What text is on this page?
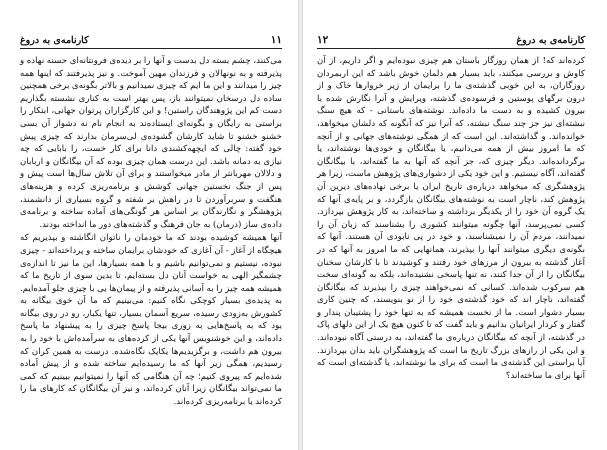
۱۱
کارنامه‌ی به دروغ

می‌کنند، چشم بسته دل بدست و آنها را بر دیده‌ی فرونتانه‌ای حسنه نهاده و پذیرفته و به نونهالان و فرزندان مهین آموخت. و نیز پذیرفتند که اینها همه چیز را میدانند و این ما ایم که چیزی نمیدانیم و بالاتر بگونه‌ی برخی همچنین ساده دل درسخان نمیتوانند باز، پس بهتر است به کناری نشسته بگذاریم دست کم این پژوهندگان راستین! و این کارگزاران پرتوان جهانی، ابتکار را براستی به رایگان و بگونه‌ای ایستاده‌ند به انجام نام نه دشوار آن بسی خشنو خشنو تا شاید کارشان گشوده‌ی لی‌سرمان بدارند که چیزی پیش خود گفته: چالی که ایچهه‌کشندی دانا برای کار خست، را بابایی که چه نیازی به دمانه باشد. این درست همان چیزی بوده که آن بیگانگان و اربابان و دلالان مهربانتر از مادر میخواستند و برای آن تلاش سال‌ها است پیش و پس از جنگ نخستین جهانی کوشش و برنامه‌ریزی کرده و هزینه‌های هنگفت و سربرآوردن تا در راهش بر شفته و گروه بسیاری از دانشمند، پژوهشگر و نگارندگان بر اساس هر گونگی‌های آماده ساخته و برنامه‌ی داده‌ی ساز (درمان) به جان فرهنگ و گذشته‌های دور ما انداخته بودند.

آنها همیشه کوشیده بودند که ما خودمان را ناتوان انگاشته و بپذیریم که هیچگاه از آغاز - آن آغازی که خودشان برایمان ساخته و پرداخته‌اند - چیزی نبوده، نیستیم و نمی‌توانیم باشیم و با همه بسیار‌ها، این ما نیز تا اندازه‌ی چشمگیر الهی به خواست آنان دل بسته‌ایم، تا بدین سوی از تاریخ ما که همیشه همه چیز را به آسانی پذیرفته و از پیمان‌ها یی با چیزی جلو آمده‌ایم. به پدیده‌ی بسیار کوچکی نگاه کنیم: می‌بینیم که ما آن خوی بیگانه به کشورش به‌زودی رسیده، سریع آسمان بسیار، تنها یکبار، رو در روی بیگانه بود که به پاسخ‌هایی به زوری بیجا پاسخ چیزی را به پیشنهاد ما پاسخ داده‌اند، و این خوشنویس آنها یکی از کرده‌های به سرآمده‌اش با خود را به بیرون هم داشت، و برگزیدیم‌ها یکایک نگاه‌شده. درست به همین کران که رسیدیم، همگی زیر آنها که ما رسیده‌ایم ساخته شده و از پیش آماده شده‌ایم که پیروی کنیم؛ چه آن هنگامی که آنها را نمیتوانیم ببینیم که کمی ما نمی‌تواند بیگانگان زیرا آنان کرده‌اند، و نیز آن بیگانگان که کارهای ما را کرده‌اند یا برنامه‌ریزی کرده‌اند.

کارنامه‌ی به دروغ
۱۲

کرده‌اند که! از همان روزگار باستان هم چیزی نبوده‌ایم و اگر داریم، از آن کاوش و بررسی میکنند، باید بسیار هم دلمان خوش باشد که این اربمردان روزگاران، به این خوبی گذشته‌ی ما را برایمان از زیر خروارها خاک و از درون برگهای پوستین و فرسوده‌ی گذشته، ویرایش و آنرا نگارش شده با بیرون کشیده و به دست ما داده‌اند. نوشته‌های باستانی - که هیچ سنگ نبشته‌ای نیز جز چند سنگ نبشته، که آنرا نیز که آنگونه که دلشان میخواهد، خوانده‌اند. و گذاشته‌اند. این است که از همگی نوشته‌های جهانی و از آنچه که ما امروز بیش از همه می‌دانیم، یا بیگانگان و خودی‌ها نوشته‌اند، یا برگردانده‌اند. دیگر چیزی که، جز آنچه که آنها به ما گفته‌اند، با بیگانگان گفته‌اند، آگاه نیستیم. و این خود یکی از دشواری‌های پژوهش ماست، زیرا هر پژوهشگری که میخواهد درباره‌ی تاریخ ایران یا برخی نهاده‌های دیرین آن پژوهش کند، ناچار است به نوشته‌های بیگانگان بازگردد، و بر پایه‌ی آنها که یک گروه آن خود را از یکدیگر برداشته و ساخته‌اند، به کار پژوهش بپردازد. کسی نمی‌پرسد، آنها چگونه میتوانند کشوری را بشناسند که زبان آن را نمیدانند، مردم آن را نمیشناسند، و خود در پی نابودی آن هستند. آنها که بگونه‌ی دیگری میتوانند آنها را بپذیرند، همانهایی که ما امروز به آنها که در آغاز گذشته به بیرون از مرزهای خود رفتند و کوشیدند تا با کارشان سخنان بیگانگان را از آن جدا کنند، نه تنها پاسخی نشنیده‌اند، بلکه به گونه‌ای سخت هم سرکوب شده‌اند. کسانی که نمی‌خواهند چیزی را بپذیرند که بیگانگان گفته‌اند، ناچار اند که خود گذشته‌ی خود را از نو بنویسند، که چنین کاری بسیار دشوار است. ما از نخست همیشه که به تنها خود را پشتیبان پندار و گفتار و کردار ایرانیان بدانیم و باید گفت که تا کنون هیچ یک از این دلهای پاک در گذشته، از آنچه که بیگانگان درباره‌ی ما گفته‌اند، به درستی آگاه نبوده‌اند. و این یکی از رازهای بزرگ تاریخ ما است که پژوهشگران باید بدان بپردازند. آیا براستی این گذشته‌ی ما است که برای ما نوشته‌اند، یا گذشته‌ای است که آنها برای ما ساخته‌اند؟
